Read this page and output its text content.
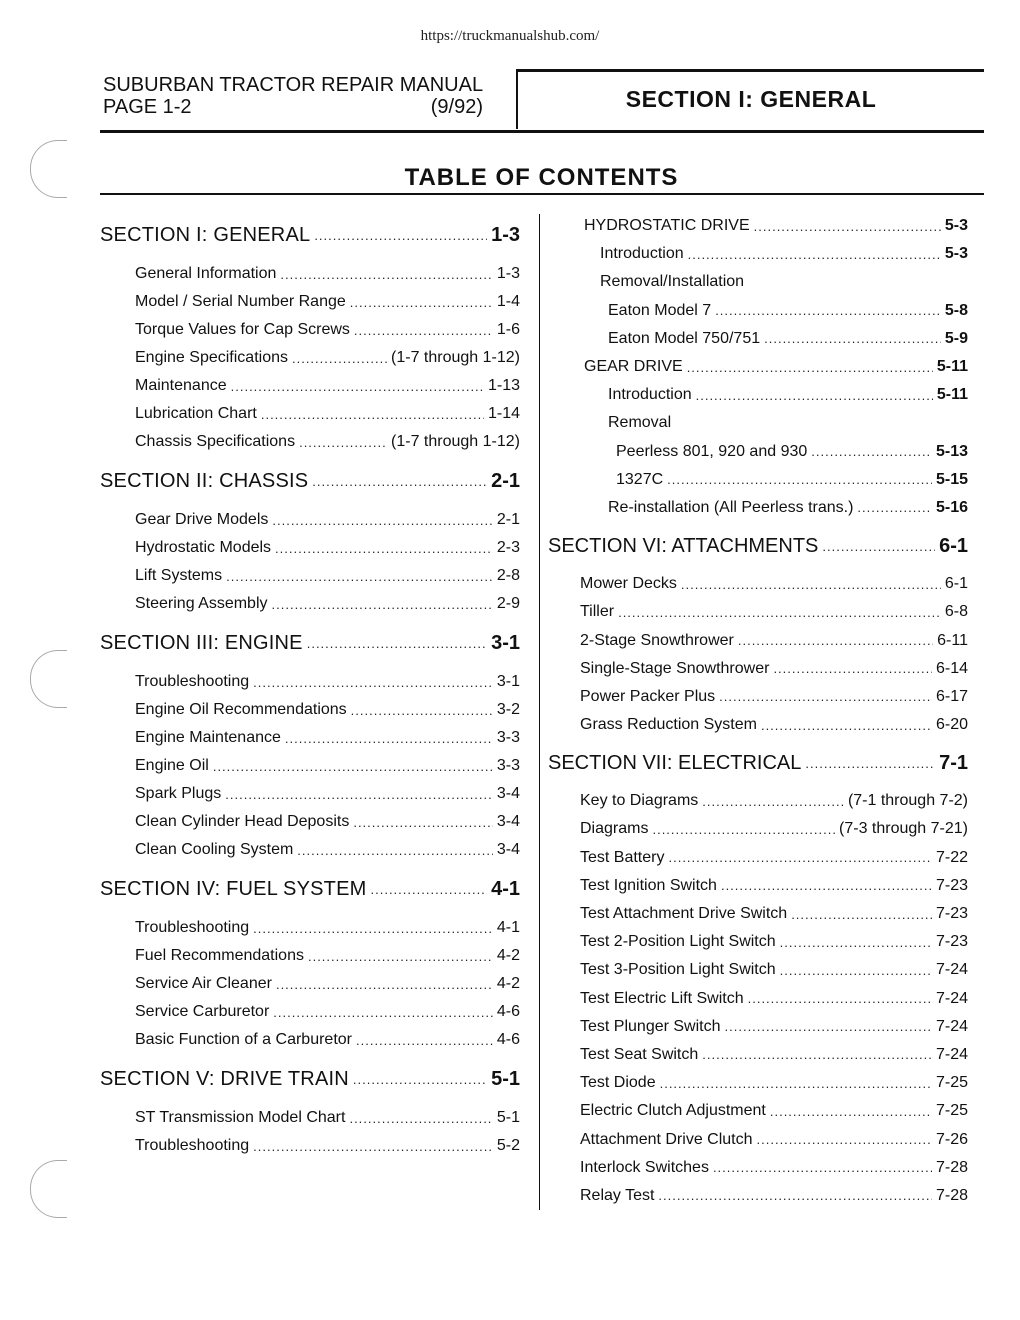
https://truckmanualshub.com/
SUBURBAN TRACTOR REPAIR MANUAL
PAGE 1-2	(9/92)	SECTION I: GENERAL
TABLE OF CONTENTS
SECTION I: GENERAL .....	1-3
General Information .....	1-3
Model / Serial Number Range .....	1-4
Torque Values for Cap Screws .....	1-6
Engine Specifications .....	(1-7 through 1-12)
Maintenance .....	1-13
Lubrication Chart .....	1-14
Chassis Specifications .....	(1-7 through 1-12)
SECTION II: CHASSIS .....	2-1
Gear Drive Models .....	2-1
Hydrostatic Models .....	2-3
Lift Systems .....	2-8
Steering Assembly .....	2-9
SECTION III: ENGINE .....	3-1
Troubleshooting .....	3-1
Engine Oil Recommendations .....	3-2
Engine Maintenance .....	3-3
Engine Oil .....	3-3
Spark Plugs .....	3-4
Clean Cylinder Head Deposits .....	3-4
Clean Cooling System .....	3-4
SECTION IV: FUEL SYSTEM .....	4-1
Troubleshooting .....	4-1
Fuel Recommendations .....	4-2
Service Air Cleaner .....	4-2
Service Carburetor .....	4-6
Basic Function of a Carburetor .....	4-6
SECTION V: DRIVE TRAIN .....	5-1
ST Transmission Model Chart .....	5-1
Troubleshooting .....	5-2
HYDROSTATIC DRIVE .....	5-3
Introduction .....	5-3
Removal/Installation
Eaton Model 7 .....	5-8
Eaton Model 750/751 .....	5-9
GEAR DRIVE .....	5-11
Introduction .....	5-11
Removal
Peerless 801, 920 and 930 .....	5-13
1327C .....	5-15
Re-installation (All Peerless trans.) .....	5-16
SECTION VI: ATTACHMENTS .....	6-1
Mower Decks .....	6-1
Tiller .....	6-8
2-Stage Snowthrower .....	6-11
Single-Stage Snowthrower .....	6-14
Power Packer Plus .....	6-17
Grass Reduction System .....	6-20
SECTION VII: ELECTRICAL .....	7-1
Key to Diagrams .....	(7-1 through 7-2)
Diagrams .....	(7-3 through 7-21)
Test Battery .....	7-22
Test Ignition Switch .....	7-23
Test Attachment Drive Switch .....	7-23
Test 2-Position Light Switch .....	7-23
Test 3-Position Light Switch .....	7-24
Test Electric Lift Switch .....	7-24
Test Plunger Switch .....	7-24
Test Seat Switch .....	7-24
Test Diode .....	7-25
Electric Clutch Adjustment .....	7-25
Attachment Drive Clutch .....	7-26
Interlock Switches .....	7-28
Relay Test .....	7-28
